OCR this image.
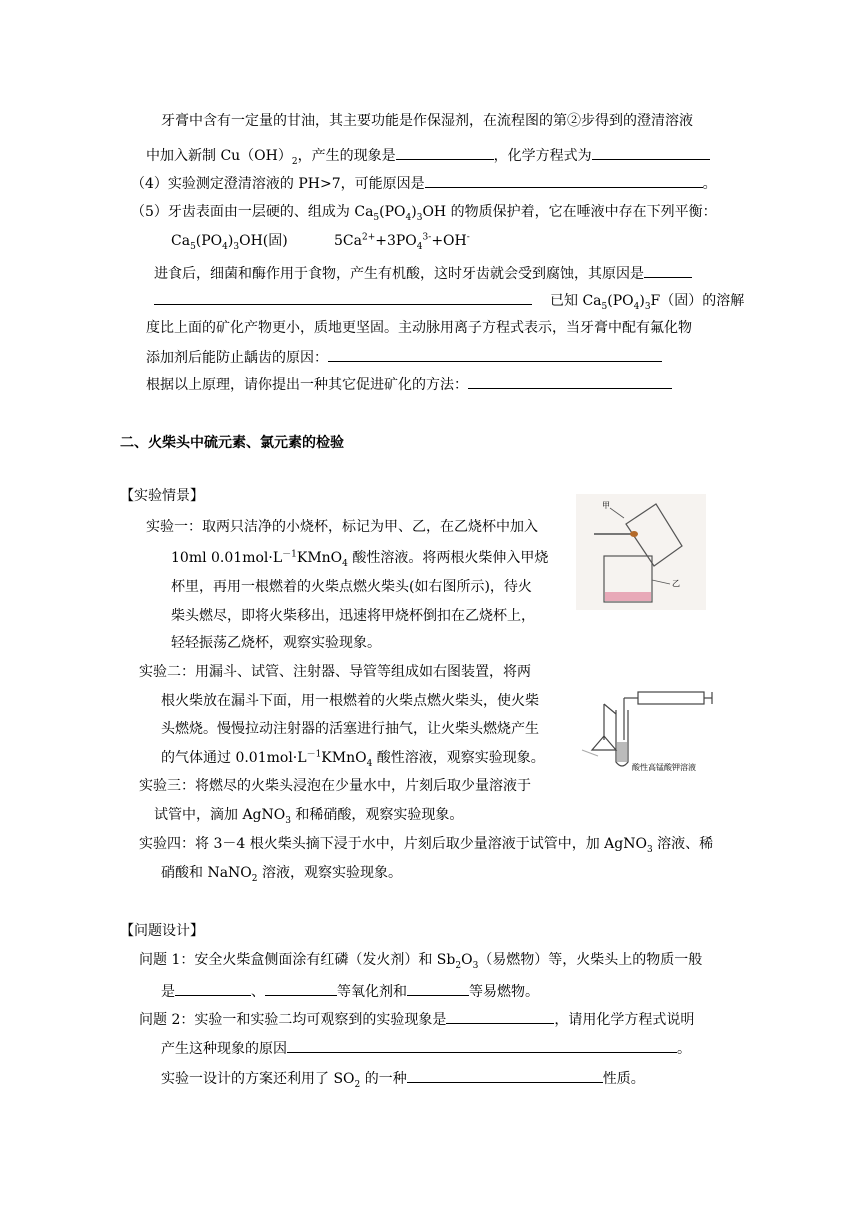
牙膏中含有一定量的甘油，其主要功能是作保湿剂，在流程图的第②步得到的澄清溶液
中加入新制 $Cu(OH)_2$，产生的现象是	，化学方程式为
（4）实验测定澄清溶液的 PH>7，可能原因是	。
（5）牙齿表面由一层硬的、组成为 $Ca_5(PO_4)_3OH$ 的物质保护着，它在唾液中存在下列平衡：
$Ca_5(PO_4)_3OH$(固)	$5Ca^{2+}+3PO_4^{3-}+OH^-$
进食后，细菌和酶作用于食物，产生有机酸，这时牙齿就会受到腐蚀，其原因是
已知 $Ca_5(PO_4)_3F$（固）的溶解
度比上面的矿化产物更小，质地更坚固。主动脉用离子方程式表示，当牙膏中配有氟化物
添加剂后能防止龋齿的原因：
根据以上原理，请你提出一种其它促进矿化的方法：
二、火柴头中硫元素、氯元素的检验
【实验情景】
实验一：取两只洁净的小烧杯，标记为甲、乙，在乙烧杯中加入
10ml $0.01mol\cdot L^{-1}KMnO_4$ 酸性溶液。将两根火柴伸入甲烧
杯里，再用一根燃着的火柴点燃火柴头(如右图所示)，待火
柴头燃尽，即将火柴移出，迅速将甲烧杯倒扣在乙烧杯上，
轻轻振荡乙烧杯，观察实验现象。
甲
乙
实验二：用漏斗、试管、注射器、导管等组成如右图装置，将两
根火柴放在漏斗下面，用一根燃着的火柴点燃火柴头，使火柴
头燃烧。慢慢拉动注射器的活塞进行抽气，让火柴头燃烧产生
的气体通过 $0.01mol\cdot L^{-1}KMnO_4$ 酸性溶液，观察实验现象。
酸性高锰酸钾溶液
实验三：将燃尽的火柴头浸泡在少量水中，片刻后取少量溶液于
试管中，滴加 AgNO$_3$ 和稀硝酸，观察实验现象。
实验四：将 3－4 根火柴头摘下浸于水中，片刻后取少量溶液于试管中，加 AgNO$_3$ 溶液、稀
硝酸和 NaNO$_2$ 溶液，观察实验现象。
【问题设计】
问题 1：安全火柴盒侧面涂有红磷（发火剂）和 $Sb_2O_3$（易燃物）等，火柴头上的物质一般
是	、	等氧化剂和	等易燃物。
问题 2：实验一和实验二均可观察到的实验现象是	，请用化学方程式说明
产生这种现象的原因	。
实验一设计的方案还利用了 $SO_2$ 的一种	性质。
